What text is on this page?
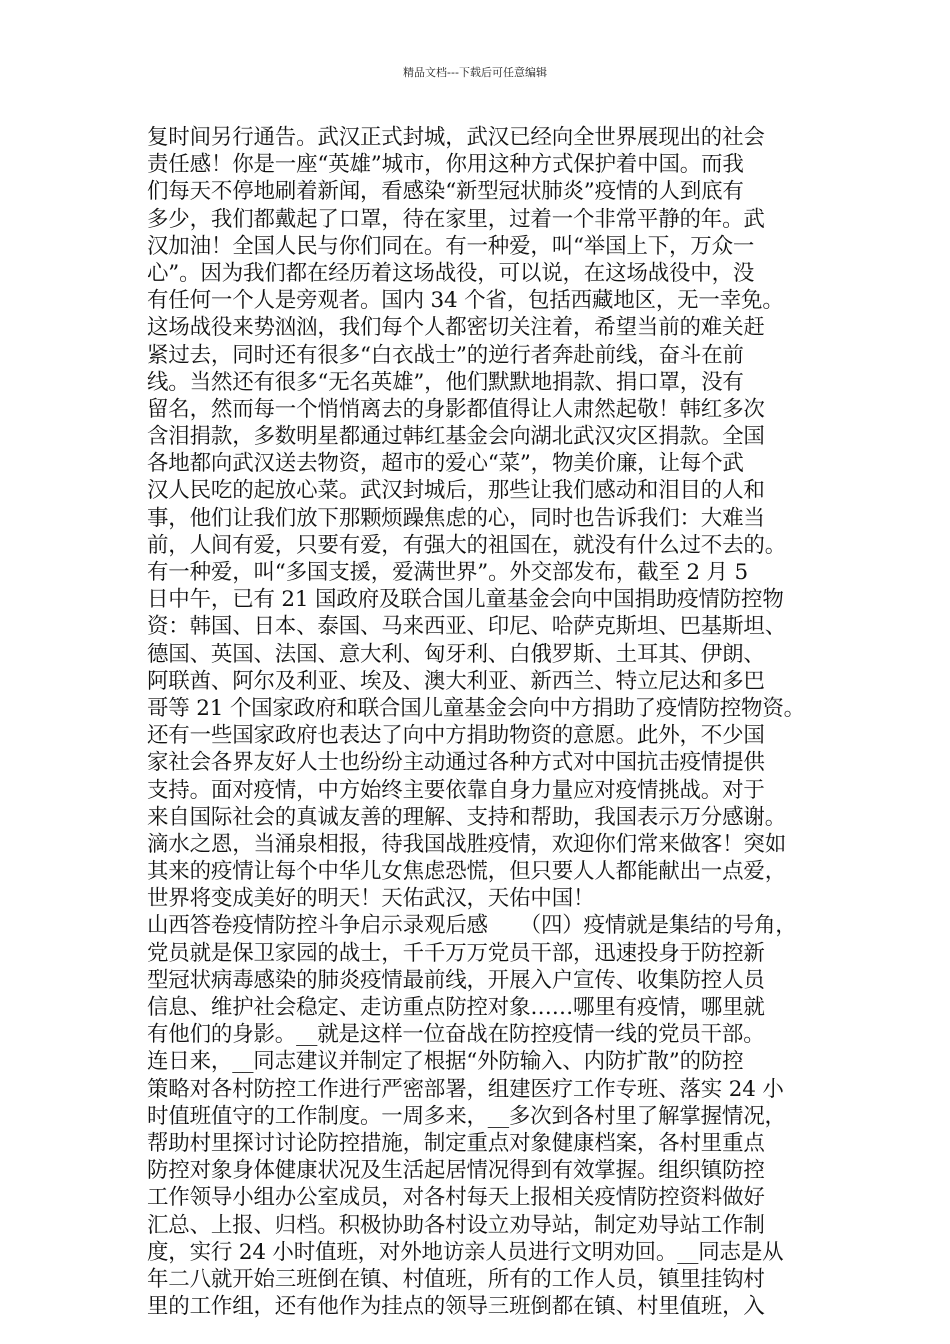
精品文档---下载后可任意编辑
复时间另行通告。武汉正式封城，武汉已经向全世界展现出的社会
责任感！你是一座“英雄”城市，你用这种方式保护着中国。而我
们每天不停地刷着新闻，看感染“新型冠状肺炎”疫情的人到底有
多少，我们都戴起了口罩，待在家里，过着一个非常平静的年。武
汉加油！全国人民与你们同在。有一种爱，叫“举国上下，万众一
心”。因为我们都在经历着这场战役，可以说，在这场战役中，没
有任何一个人是旁观者。国内 34 个省，包括西藏地区，无一幸免。
这场战役来势汹汹，我们每个人都密切关注着，希望当前的难关赶
紧过去，同时还有很多“白衣战士”的逆行者奔赴前线，奋斗在前
线。当然还有很多“无名英雄”，他们默默地捐款、捐口罩，没有
留名，然而每一个悄悄离去的身影都值得让人肃然起敬！韩红多次
含泪捐款，多数明星都通过韩红基金会向湖北武汉灾区捐款。全国
各地都向武汉送去物资，超市的爱心“菜”，物美价廉，让每个武
汉人民吃的起放心菜。武汉封城后，那些让我们感动和泪目的人和
事，他们让我们放下那颗烦躁焦虑的心，同时也告诉我们：大难当
前，人间有爱，只要有爱，有强大的祖国在，就没有什么过不去的。
有一种爱，叫“多国支援，爱满世界”。外交部发布，截至 2 月 5
日中午，已有 21 国政府及联合国儿童基金会向中国捐助疫情防控物
资：韩国、日本、泰国、马来西亚、印尼、哈萨克斯坦、巴基斯坦、
德国、英国、法国、意大利、匈牙利、白俄罗斯、土耳其、伊朗、
阿联酋、阿尔及利亚、埃及、澳大利亚、新西兰、特立尼达和多巴
哥等 21 个国家政府和联合国儿童基金会向中方捐助了疫情防控物资。
还有一些国家政府也表达了向中方捐助物资的意愿。此外，不少国
家社会各界友好人士也纷纷主动通过各种方式对中国抗击疫情提供
支持。面对疫情，中方始终主要依靠自身力量应对疫情挑战。对于
来自国际社会的真诚友善的理解、支持和帮助，我国表示万分感谢。
滴水之恩，当涌泉相报，待我国战胜疫情，欢迎你们常来做客！突如
其来的疫情让每个中华儿女焦虑恐慌，但只要人人都能献出一点爱，
世界将变成美好的明天！天佑武汉，天佑中国！
山西答卷疫情防控斗争启示录观后感　　（四）疫情就是集结的号角，
党员就是保卫家园的战士，千千万万党员干部，迅速投身于防控新
型冠状病毒感染的肺炎疫情最前线，开展入户宣传、收集防控人员
信息、维护社会稳定、走访重点防控对象……哪里有疫情，哪里就
有他们的身影。__就是这样一位奋战在防控疫情一线的党员干部。
连日来，__同志建议并制定了根据“外防输入、内防扩散”的防控
策略对各村防控工作进行严密部署，组建医疗工作专班、落实 24 小
时值班值守的工作制度。一周多来，__多次到各村里了解掌握情况，
帮助村里探讨讨论防控措施，制定重点对象健康档案，各村里重点
防控对象身体健康状况及生活起居情况得到有效掌握。组织镇防控
工作领导小组办公室成员，对各村每天上报相关疫情防控资料做好
汇总、上报、归档。积极协助各村设立劝导站，制定劝导站工作制
度，实行 24 小时值班，对外地访亲人员进行文明劝回。__同志是从
年二八就开始三班倒在镇、村值班，所有的工作人员，镇里挂钩村
里的工作组，还有他作为挂点的领导三班倒都在镇、村里值班，入
